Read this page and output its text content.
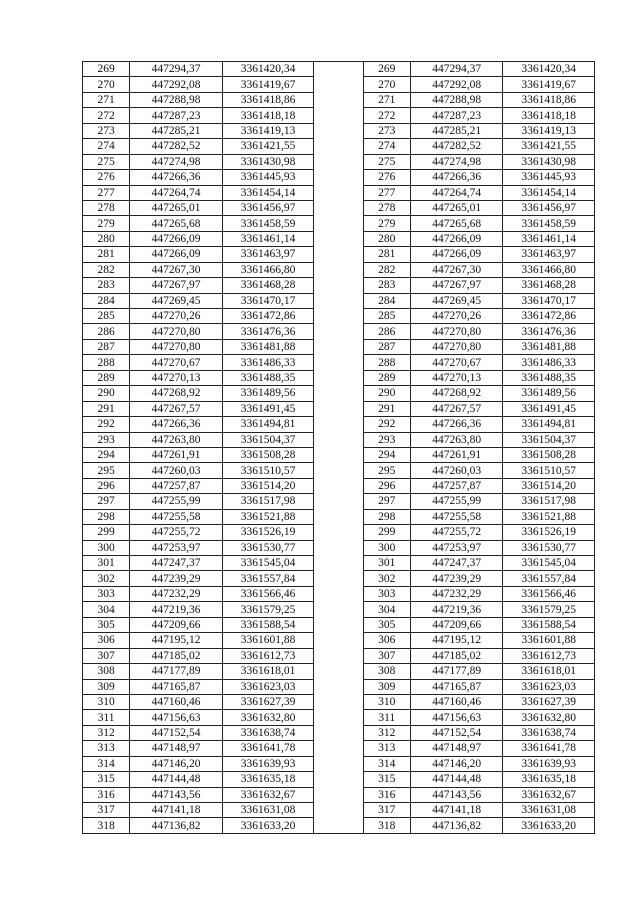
269	447294,37	3361420,34		269	447294,37	3361420,34
270	447292,08	3361419,67		270	447292,08	3361419,67
271	447288,98	3361418,86		271	447288,98	3361418,86
272	447287,23	3361418,18		272	447287,23	3361418,18
273	447285,21	3361419,13		273	447285,21	3361419,13
274	447282,52	3361421,55		274	447282,52	3361421,55
275	447274,98	3361430,98		275	447274,98	3361430,98
276	447266,36	3361445,93		276	447266,36	3361445,93
277	447264,74	3361454,14		277	447264,74	3361454,14
278	447265,01	3361456,97		278	447265,01	3361456,97
279	447265,68	3361458,59		279	447265,68	3361458,59
280	447266,09	3361461,14		280	447266,09	3361461,14
281	447266,09	3361463,97		281	447266,09	3361463,97
282	447267,30	3361466,80		282	447267,30	3361466,80
283	447267,97	3361468,28		283	447267,97	3361468,28
284	447269,45	3361470,17		284	447269,45	3361470,17
285	447270,26	3361472,86		285	447270,26	3361472,86
286	447270,80	3361476,36		286	447270,80	3361476,36
287	447270,80	3361481,88		287	447270,80	3361481,88
288	447270,67	3361486,33		288	447270,67	3361486,33
289	447270,13	3361488,35		289	447270,13	3361488,35
290	447268,92	3361489,56		290	447268,92	3361489,56
291	447267,57	3361491,45		291	447267,57	3361491,45
292	447266,36	3361494,81		292	447266,36	3361494,81
293	447263,80	3361504,37		293	447263,80	3361504,37
294	447261,91	3361508,28		294	447261,91	3361508,28
295	447260,03	3361510,57		295	447260,03	3361510,57
296	447257,87	3361514,20		296	447257,87	3361514,20
297	447255,99	3361517,98		297	447255,99	3361517,98
298	447255,58	3361521,88		298	447255,58	3361521,88
299	447255,72	3361526,19		299	447255,72	3361526,19
300	447253,97	3361530,77		300	447253,97	3361530,77
301	447247,37	3361545,04		301	447247,37	3361545,04
302	447239,29	3361557,84		302	447239,29	3361557,84
303	447232,29	3361566,46		303	447232,29	3361566,46
304	447219,36	3361579,25		304	447219,36	3361579,25
305	447209,66	3361588,54		305	447209,66	3361588,54
306	447195,12	3361601,88		306	447195,12	3361601,88
307	447185,02	3361612,73		307	447185,02	3361612,73
308	447177,89	3361618,01		308	447177,89	3361618,01
309	447165,87	3361623,03		309	447165,87	3361623,03
310	447160,46	3361627,39		310	447160,46	3361627,39
311	447156,63	3361632,80		311	447156,63	3361632,80
312	447152,54	3361638,74		312	447152,54	3361638,74
313	447148,97	3361641,78		313	447148,97	3361641,78
314	447146,20	3361639,93		314	447146,20	3361639,93
315	447144,48	3361635,18		315	447144,48	3361635,18
316	447143,56	3361632,67		316	447143,56	3361632,67
317	447141,18	3361631,08		317	447141,18	3361631,08
318	447136,82	3361633,20		318	447136,82	3361633,20
